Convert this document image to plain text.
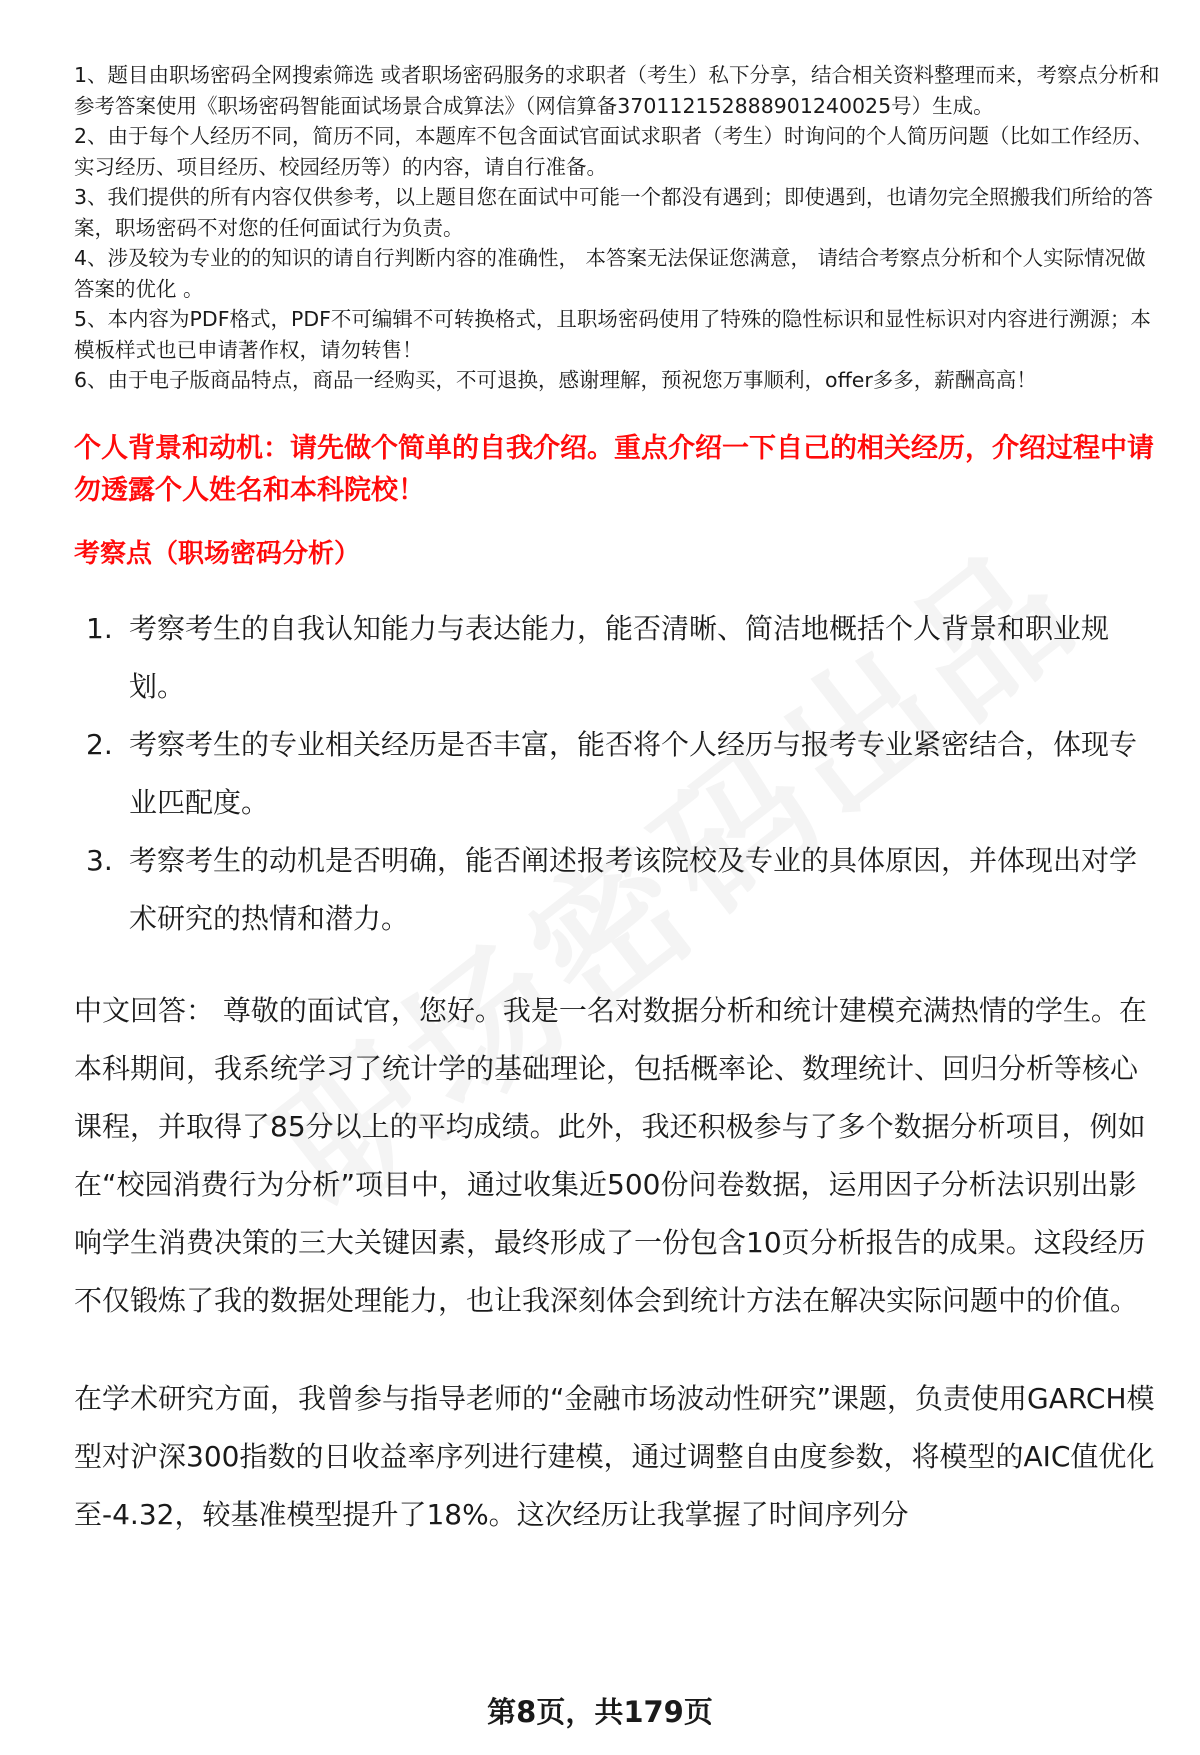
1、题目由职场密码全网搜索筛选 或者职场密码服务的求职者（考生）私下分享，结合相关资料整理而来，考察点分析和参考答案使用《职场密码智能面试场景合成算法》（网信算备370112152888901240025号）生成。
2、由于每个人经历不同，简历不同，本题库不包含面试官面试求职者（考生）时询问的个人简历问题（比如工作经历、实习经历、项目经历、校园经历等）的内容，请自行准备。
3、我们提供的所有内容仅供参考，以上题目您在面试中可能一个都没有遇到；即使遇到，也请勿完全照搬我们所给的答案，职场密码不对您的任何面试行为负责。
4、涉及较为专业的的知识的请自行判断内容的准确性， 本答案无法保证您满意， 请结合考察点分析和个人实际情况做答案的优化 。
5、本内容为PDF格式，PDF不可编辑不可转换格式，且职场密码使用了特殊的隐性标识和显性标识对内容进行溯源；本模板样式也已申请著作权，请勿转售！
6、由于电子版商品特点，商品一经购买，不可退换，感谢理解，预祝您万事顺利，offer多多，薪酬高高！
个人背景和动机：请先做个简单的自我介绍。重点介绍一下自己的相关经历，介绍过程中请勿透露个人姓名和本科院校！
考察点（职场密码分析）
1. 考察考生的自我认知能力与表达能力，能否清晰、简洁地概括个人背景和职业规划。
2. 考察考生的专业相关经历是否丰富，能否将个人经历与报考专业紧密结合，体现专业匹配度。
3. 考察考生的动机是否明确，能否阐述报考该院校及专业的具体原因，并体现出对学术研究的热情和潜力。

中文回答： 尊敬的面试官，您好。我是一名对数据分析和统计建模充满热情的学生。在本科期间，我系统学习了统计学的基础理论，包括概率论、数理统计、回归分析等核心课程，并取得了85分以上的平均成绩。此外，我还积极参与了多个数据分析项目，例如在“校园消费行为分析”项目中，通过收集近500份问卷数据，运用因子分析法识别出影响学生消费决策的三大关键因素，最终形成了一份包含10页分析报告的成果。这段经历不仅锻炼了我的数据处理能力，也让我深刻体会到统计方法在解决实际问题中的价值。

在学术研究方面，我曾参与指导老师的“金融市场波动性研究”课题，负责使用GARCH模型对沪深300指数的日收益率序列进行建模，通过调整自由度参数，将模型的AIC值优化至-4.32，较基准模型提升了18%。这次经历让我掌握了时间序列分

第8页，共179页
